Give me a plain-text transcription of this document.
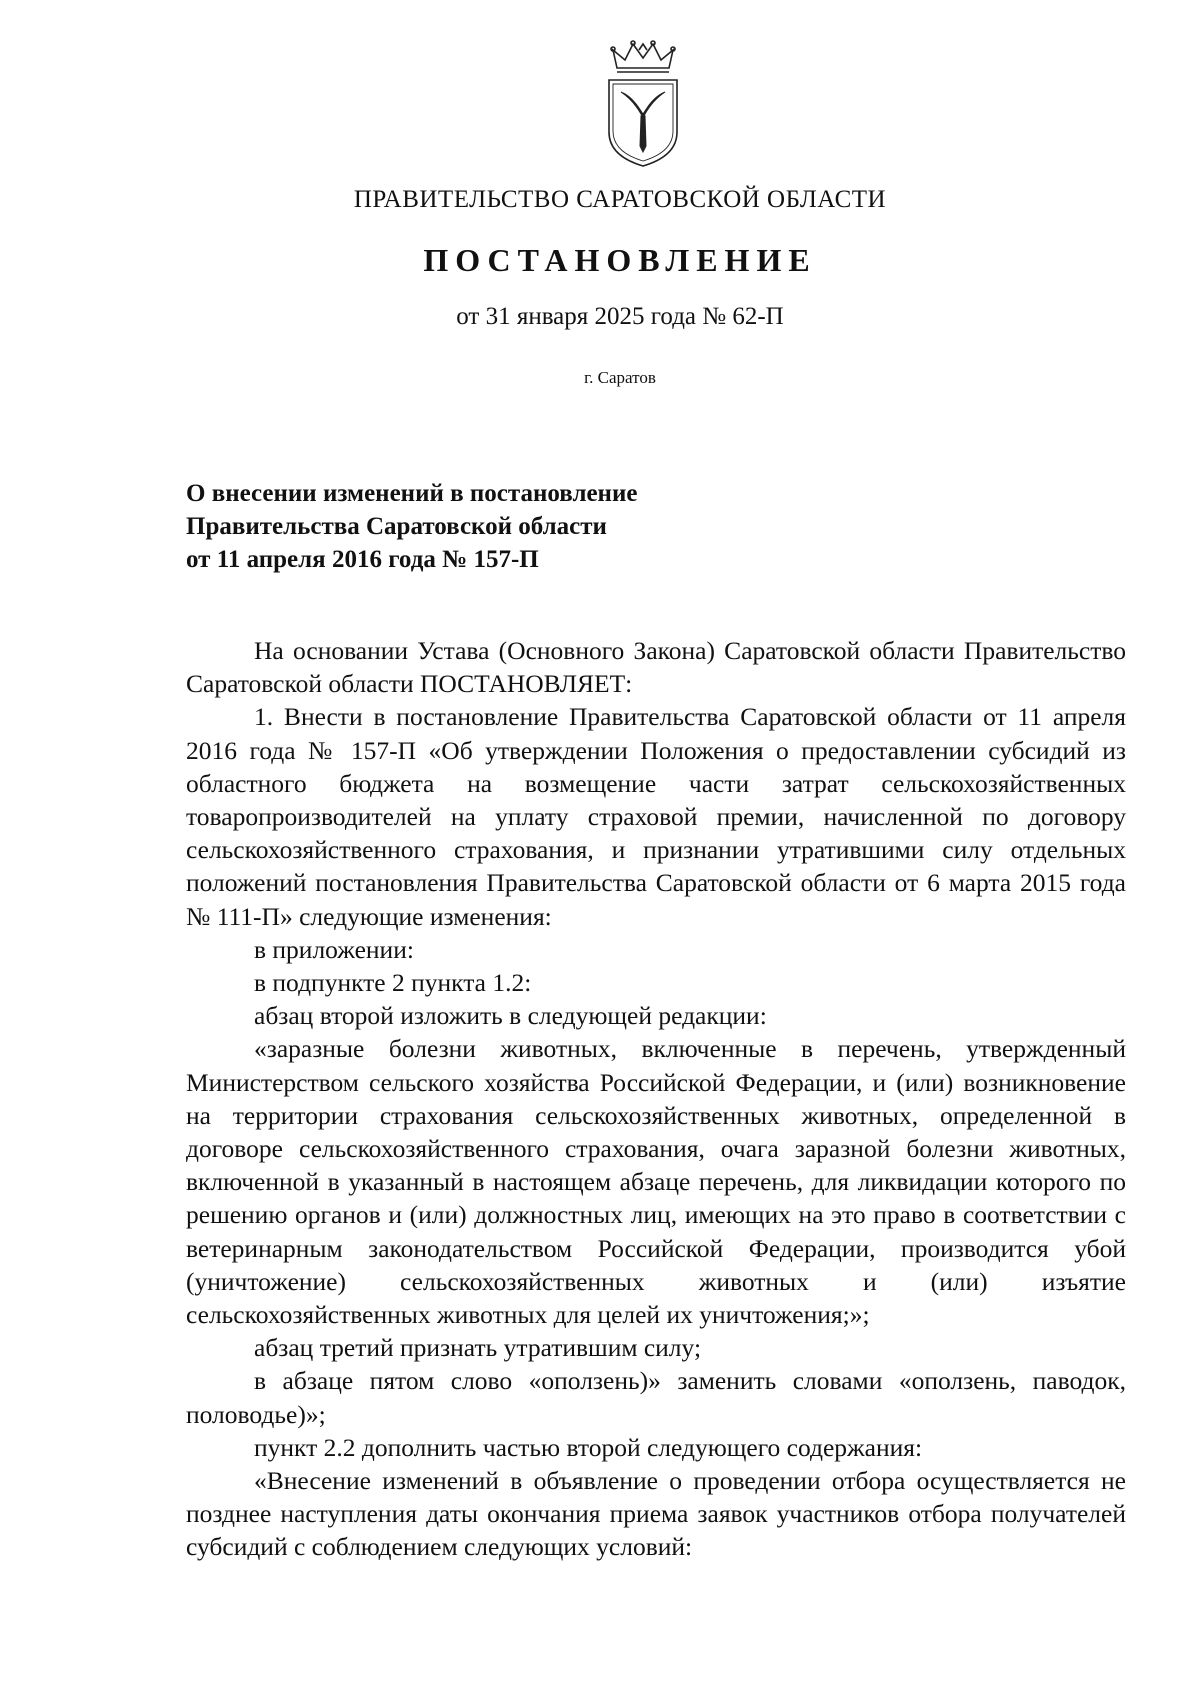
ПРАВИТЕЛЬСТВО САРАТОВСКОЙ ОБЛАСТИ
ПОСТАНОВЛЕНИЕ
от 31 января 2025 года № 62-П
г. Саратов
О внесении изменений в постановление
Правительства Саратовской области
от 11 апреля 2016 года № 157-П

На основании Устава (Основного Закона) Саратовской области Правительство Саратовской области ПОСТАНОВЛЯЕТ:

1. Внести в постановление Правительства Саратовской области от 11 апреля 2016 года № 157-П «Об утверждении Положения о предоставлении субсидий из областного бюджета на возмещение части затрат сельскохозяйственных товаропроизводителей на уплату страховой премии, начисленной по договору сельскохозяйственного страхования, и признании утратившими силу отдельных положений постановления Правительства Саратовской области от 6 марта 2015 года № 111-П» следующие изменения:

в приложении:

в подпункте 2 пункта 1.2:

абзац второй изложить в следующей редакции:

«заразные болезни животных, включенные в перечень, утвержденный Министерством сельского хозяйства Российской Федерации, и (или) возникновение на территории страхования сельскохозяйственных животных, определенной в договоре сельскохозяйственного страхования, очага заразной болезни животных, включенной в указанный в настоящем абзаце перечень, для ликвидации которого по решению органов и (или) должностных лиц, имеющих на это право в соответствии с ветеринарным законодательством Российской Федерации, производится убой (уничтожение) сельскохозяйственных животных и (или) изъятие сельскохозяйственных животных для целей их уничтожения;»;

абзац третий признать утратившим силу;

в абзаце пятом слово «оползень)» заменить словами «оползень, паводок, половодье)»;

пункт 2.2 дополнить частью второй следующего содержания:

«Внесение изменений в объявление о проведении отбора осуществляется не позднее наступления даты окончания приема заявок участников отбора получателей субсидий с соблюдением следующих условий:
